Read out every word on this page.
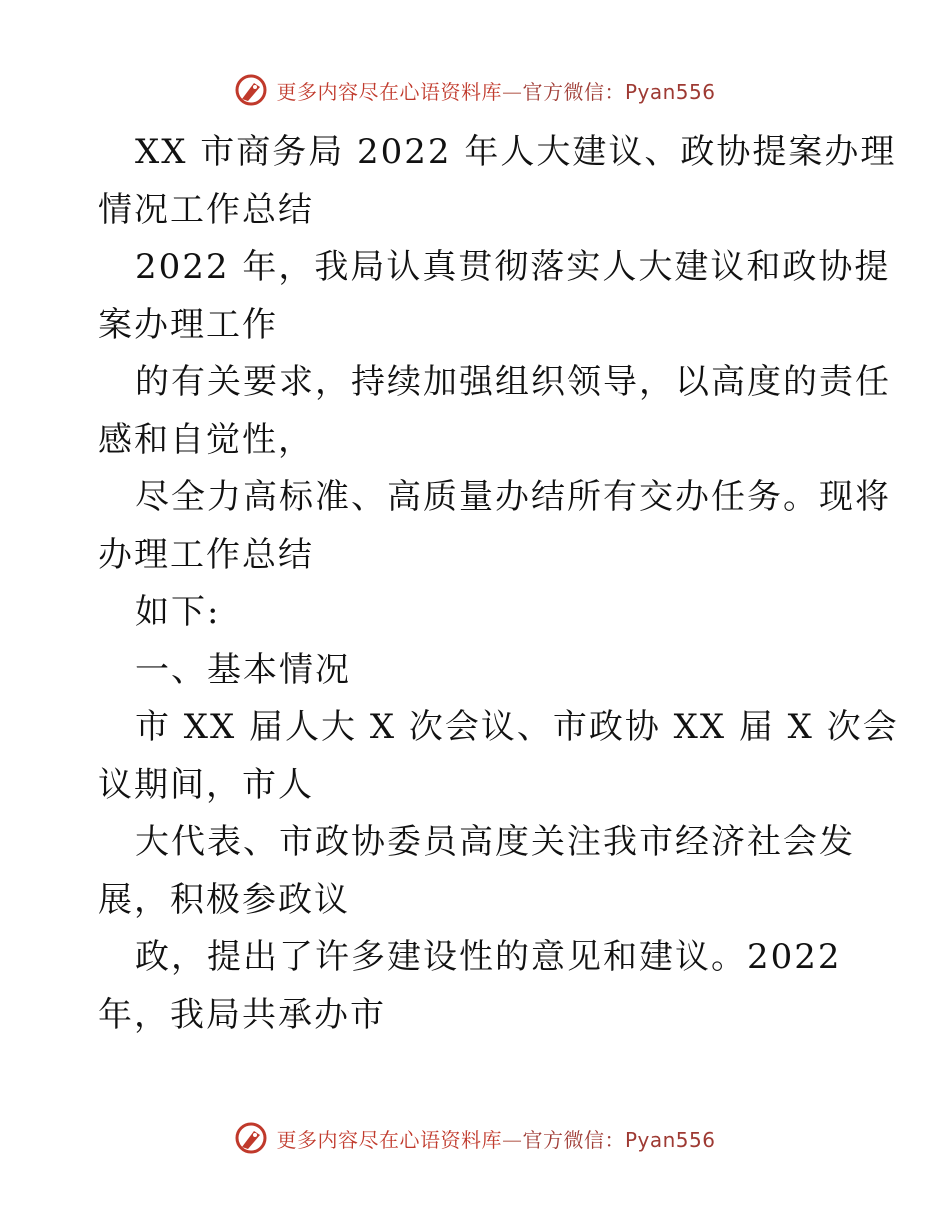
更多内容尽在心语资料库—官方微信：Pyan556
XX 市商务局 2022 年人大建议、政协提案办理
情况工作总结
2022 年，我局认真贯彻落实人大建议和政协提
案办理工作
的有关要求，持续加强组织领导，以高度的责任
感和自觉性，
尽全力高标准、高质量办结所有交办任务。现将
办理工作总结
如下:
一、基本情况
市 XX 届人大 X 次会议、市政协 XX 届 X 次会
议期间，市人
大代表、市政协委员高度关注我市经济社会发
展，积极参政议
政，提出了许多建设性的意见和建议。2022
年，我局共承办市
更多内容尽在心语资料库—官方微信：Pyan556
